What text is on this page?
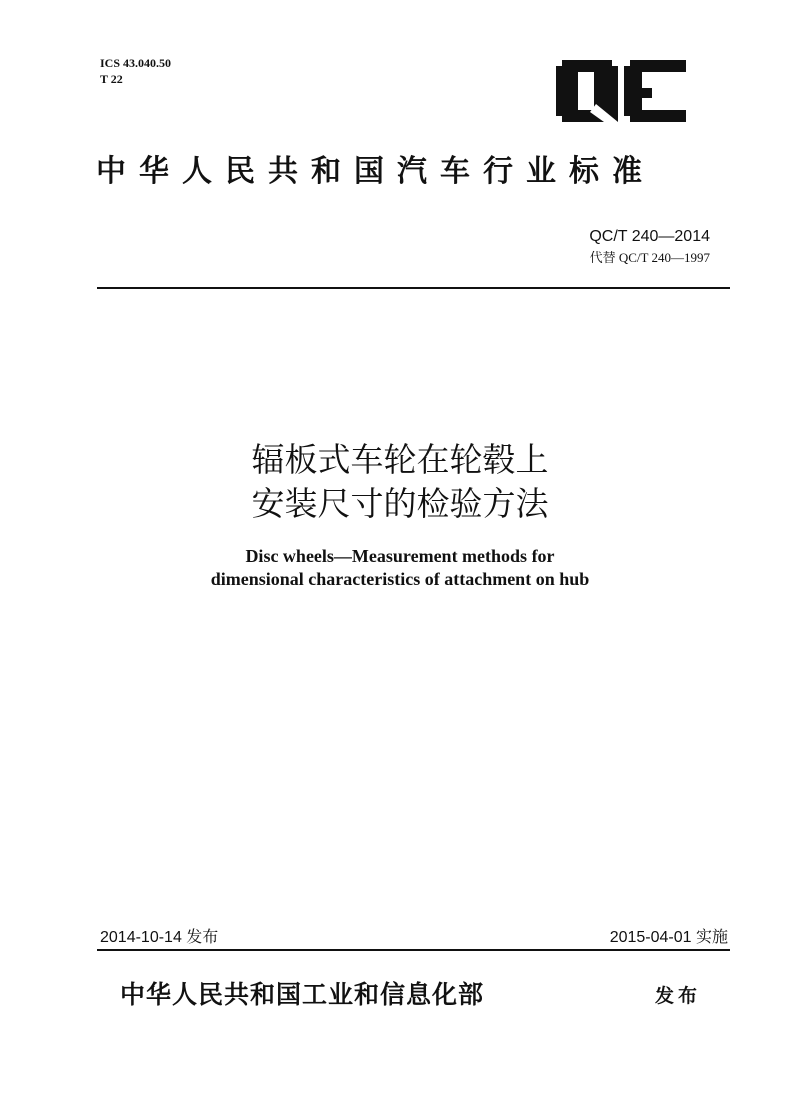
ICS 43.040.50
T 22
中华人民共和国汽车行业标准
QC/T 240—2014
代替 QC/T 240—1997
辐板式车轮在轮毂上
安装尺寸的检验方法
Disc wheels—Measurement methods for
dimensional characteristics of attachment on hub
2014-10-14 发布	2015-04-01 实施
中华人民共和国工业和信息化部	发布
